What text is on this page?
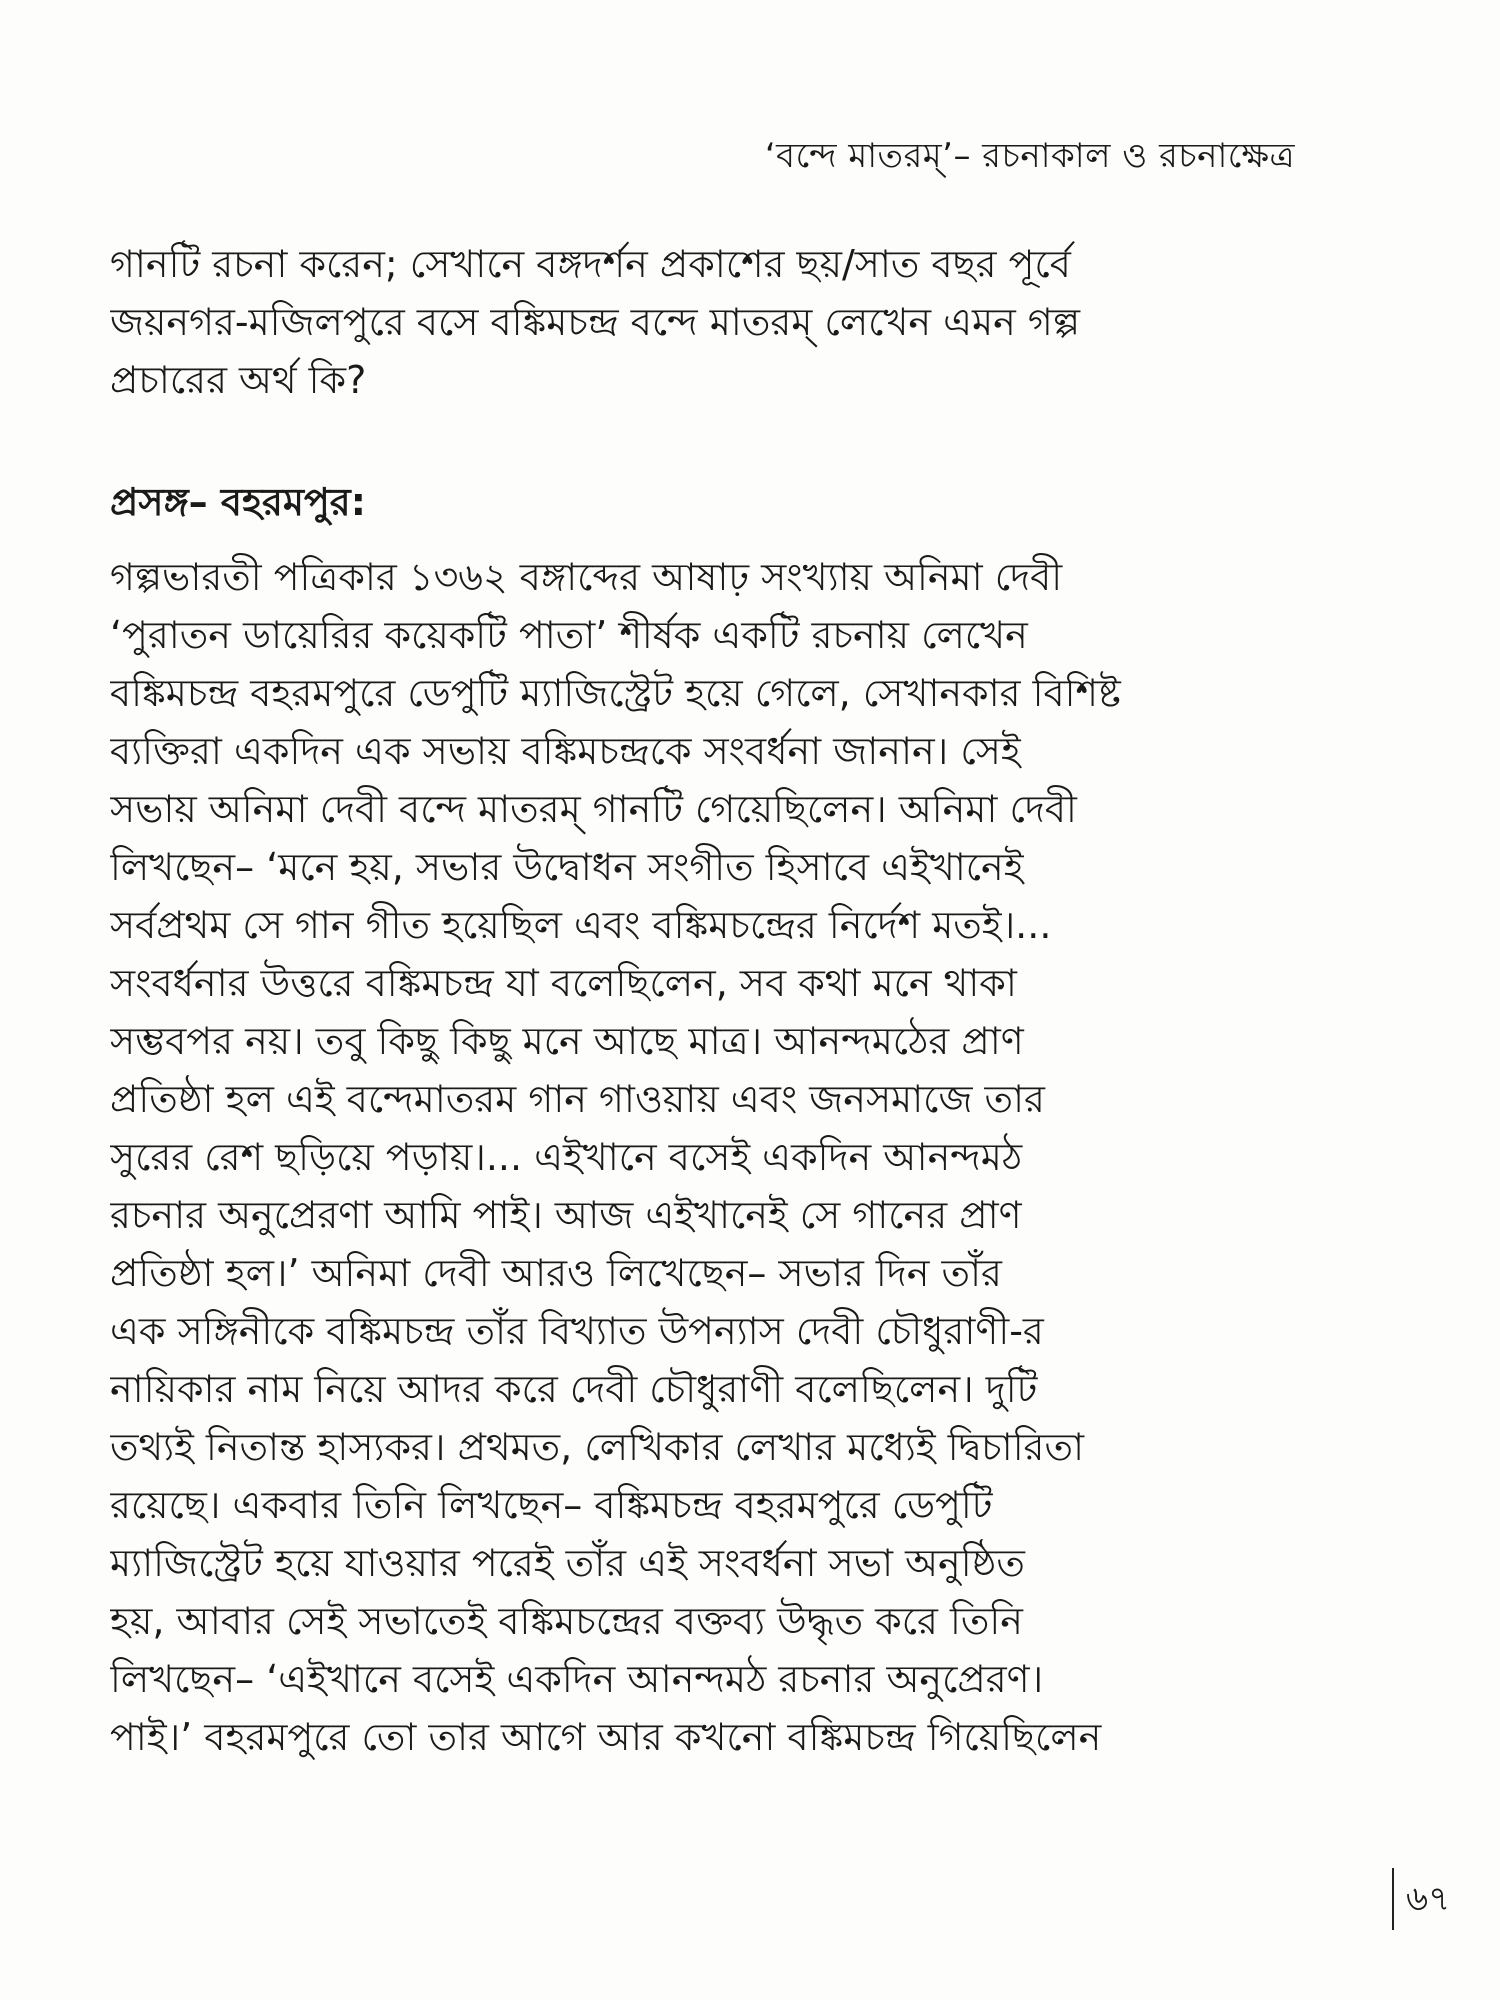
‘বন্দে মাতরম্’– রচনাকাল ও রচনাক্ষেত্র
গানটি রচনা করেন; সেখানে বঙ্গদর্শন প্রকাশের ছয়/সাত বছর পূর্বে
জয়নগর-মজিলপুরে বসে বঙ্কিমচন্দ্র বন্দে মাতরম্ লেখেন এমন গল্প
প্রচারের অর্থ কি?
প্রসঙ্গ– বহরমপুর:
গল্পভারতী পত্রিকার ১৩৬২ বঙ্গাব্দের আষাঢ় সংখ্যায় অনিমা দেবী
‘পুরাতন ডায়েরির কয়েকটি পাতা’ শীর্ষক একটি রচনায় লেখেন
বঙ্কিমচন্দ্র বহরমপুরে ডেপুটি ম্যাজিস্ট্রেট হয়ে গেলে, সেখানকার বিশিষ্ট
ব্যক্তিরা একদিন এক সভায় বঙ্কিমচন্দ্রকে সংবর্ধনা জানান। সেই
সভায় অনিমা দেবী বন্দে মাতরম্ গানটি গেয়েছিলেন। অনিমা দেবী
লিখছেন– ‘মনে হয়, সভার উদ্বোধন সংগীত হিসাবে এইখানেই
সর্বপ্রথম সে গান গীত হয়েছিল এবং বঙ্কিমচন্দ্রের নির্দেশ মতই।...
সংবর্ধনার উত্তরে বঙ্কিমচন্দ্র যা বলেছিলেন, সব কথা মনে থাকা
সম্ভবপর নয়। তবু কিছু কিছু মনে আছে মাত্র। আনন্দমঠের প্রাণ
প্রতিষ্ঠা হল এই বন্দেমাতরম গান গাওয়ায় এবং জনসমাজে তার
সুরের রেশ ছড়িয়ে পড়ায়।... এইখানে বসেই একদিন আনন্দমঠ
রচনার অনুপ্রেরণা আমি পাই। আজ এইখানেই সে গানের প্রাণ
প্রতিষ্ঠা হল।’ অনিমা দেবী আরও লিখেছেন– সভার দিন তাঁর
এক সঙ্গিনীকে বঙ্কিমচন্দ্র তাঁর বিখ্যাত উপন্যাস দেবী চৌধুরাণী-র
নায়িকার নাম নিয়ে আদর করে দেবী চৌধুরাণী বলেছিলেন। দুটি
তথ্যই নিতান্ত হাস্যকর। প্রথমত, লেখিকার লেখার মধ্যেই দ্বিচারিতা
রয়েছে। একবার তিনি লিখছেন– বঙ্কিমচন্দ্র বহরমপুরে ডেপুটি
ম্যাজিস্ট্রেট হয়ে যাওয়ার পরেই তাঁর এই সংবর্ধনা সভা অনুষ্ঠিত
হয়, আবার সেই সভাতেই বঙ্কিমচন্দ্রের বক্তব্য উদ্ধৃত করে তিনি
লিখছেন– ‘এইখানে বসেই একদিন আনন্দমঠ রচনার অনুপ্রেরণ।
পাই।’ বহরমপুরে তো তার আগে আর কখনো বঙ্কিমচন্দ্র গিয়েছিলেন
৬৭
